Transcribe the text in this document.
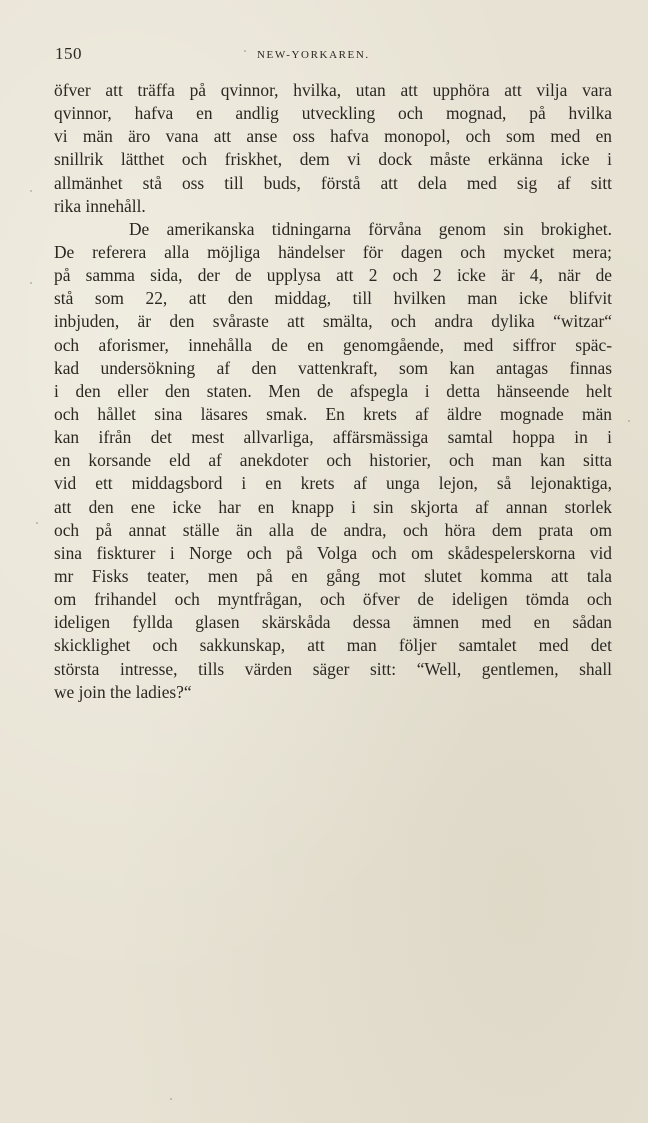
150	NEW-YORKAREN.
öfver att träffa på qvinnor, hvilka, utan att upphöra att vilja vara
qvinnor, hafva en andlig utveckling och mognad, på hvilka
vi män äro vana att anse oss hafva monopol, och som med en
snillrik lätthet och friskhet, dem vi dock måste erkänna icke i
allmänhet stå oss till buds, förstå att dela med sig af sitt
rika innehåll.
De amerikanska tidningarna förvåna genom sin brokighet.
De referera alla möjliga händelser för dagen och mycket mera;
på samma sida, der de upplysa att 2 och 2 icke är 4, när de
stå som 22, att den middag, till hvilken man icke blifvit
inbjuden, är den svåraste att smälta, och andra dylika “witzar“
och aforismer, innehålla de en genomgående, med siffror späc-
kad undersökning af den vattenkraft, som kan antagas finnas
i den eller den staten. Men de afspegla i detta hänseende helt
och hållet sina läsares smak. En krets af äldre mognade män
kan ifrån det mest allvarliga, affärsmässiga samtal hoppa in i
en korsande eld af anekdoter och historier, och man kan sitta
vid ett middagsbord i en krets af unga lejon, så lejonaktiga,
att den ene icke har en knapp i sin skjorta af annan storlek
och på annat ställe än alla de andra, och höra dem prata om
sina fiskturer i Norge och på Volga och om skådespelerskorna vid
mr Fisks teater, men på en gång mot slutet komma att tala
om frihandel och myntfrågan, och öfver de ideligen tömda och
ideligen fyllda glasen skärskåda dessa ämnen med en sådan
skicklighet och sakkunskap, att man följer samtalet med det
största intresse, tills värden säger sitt: “Well, gentlemen, shall
we join the ladies?“
